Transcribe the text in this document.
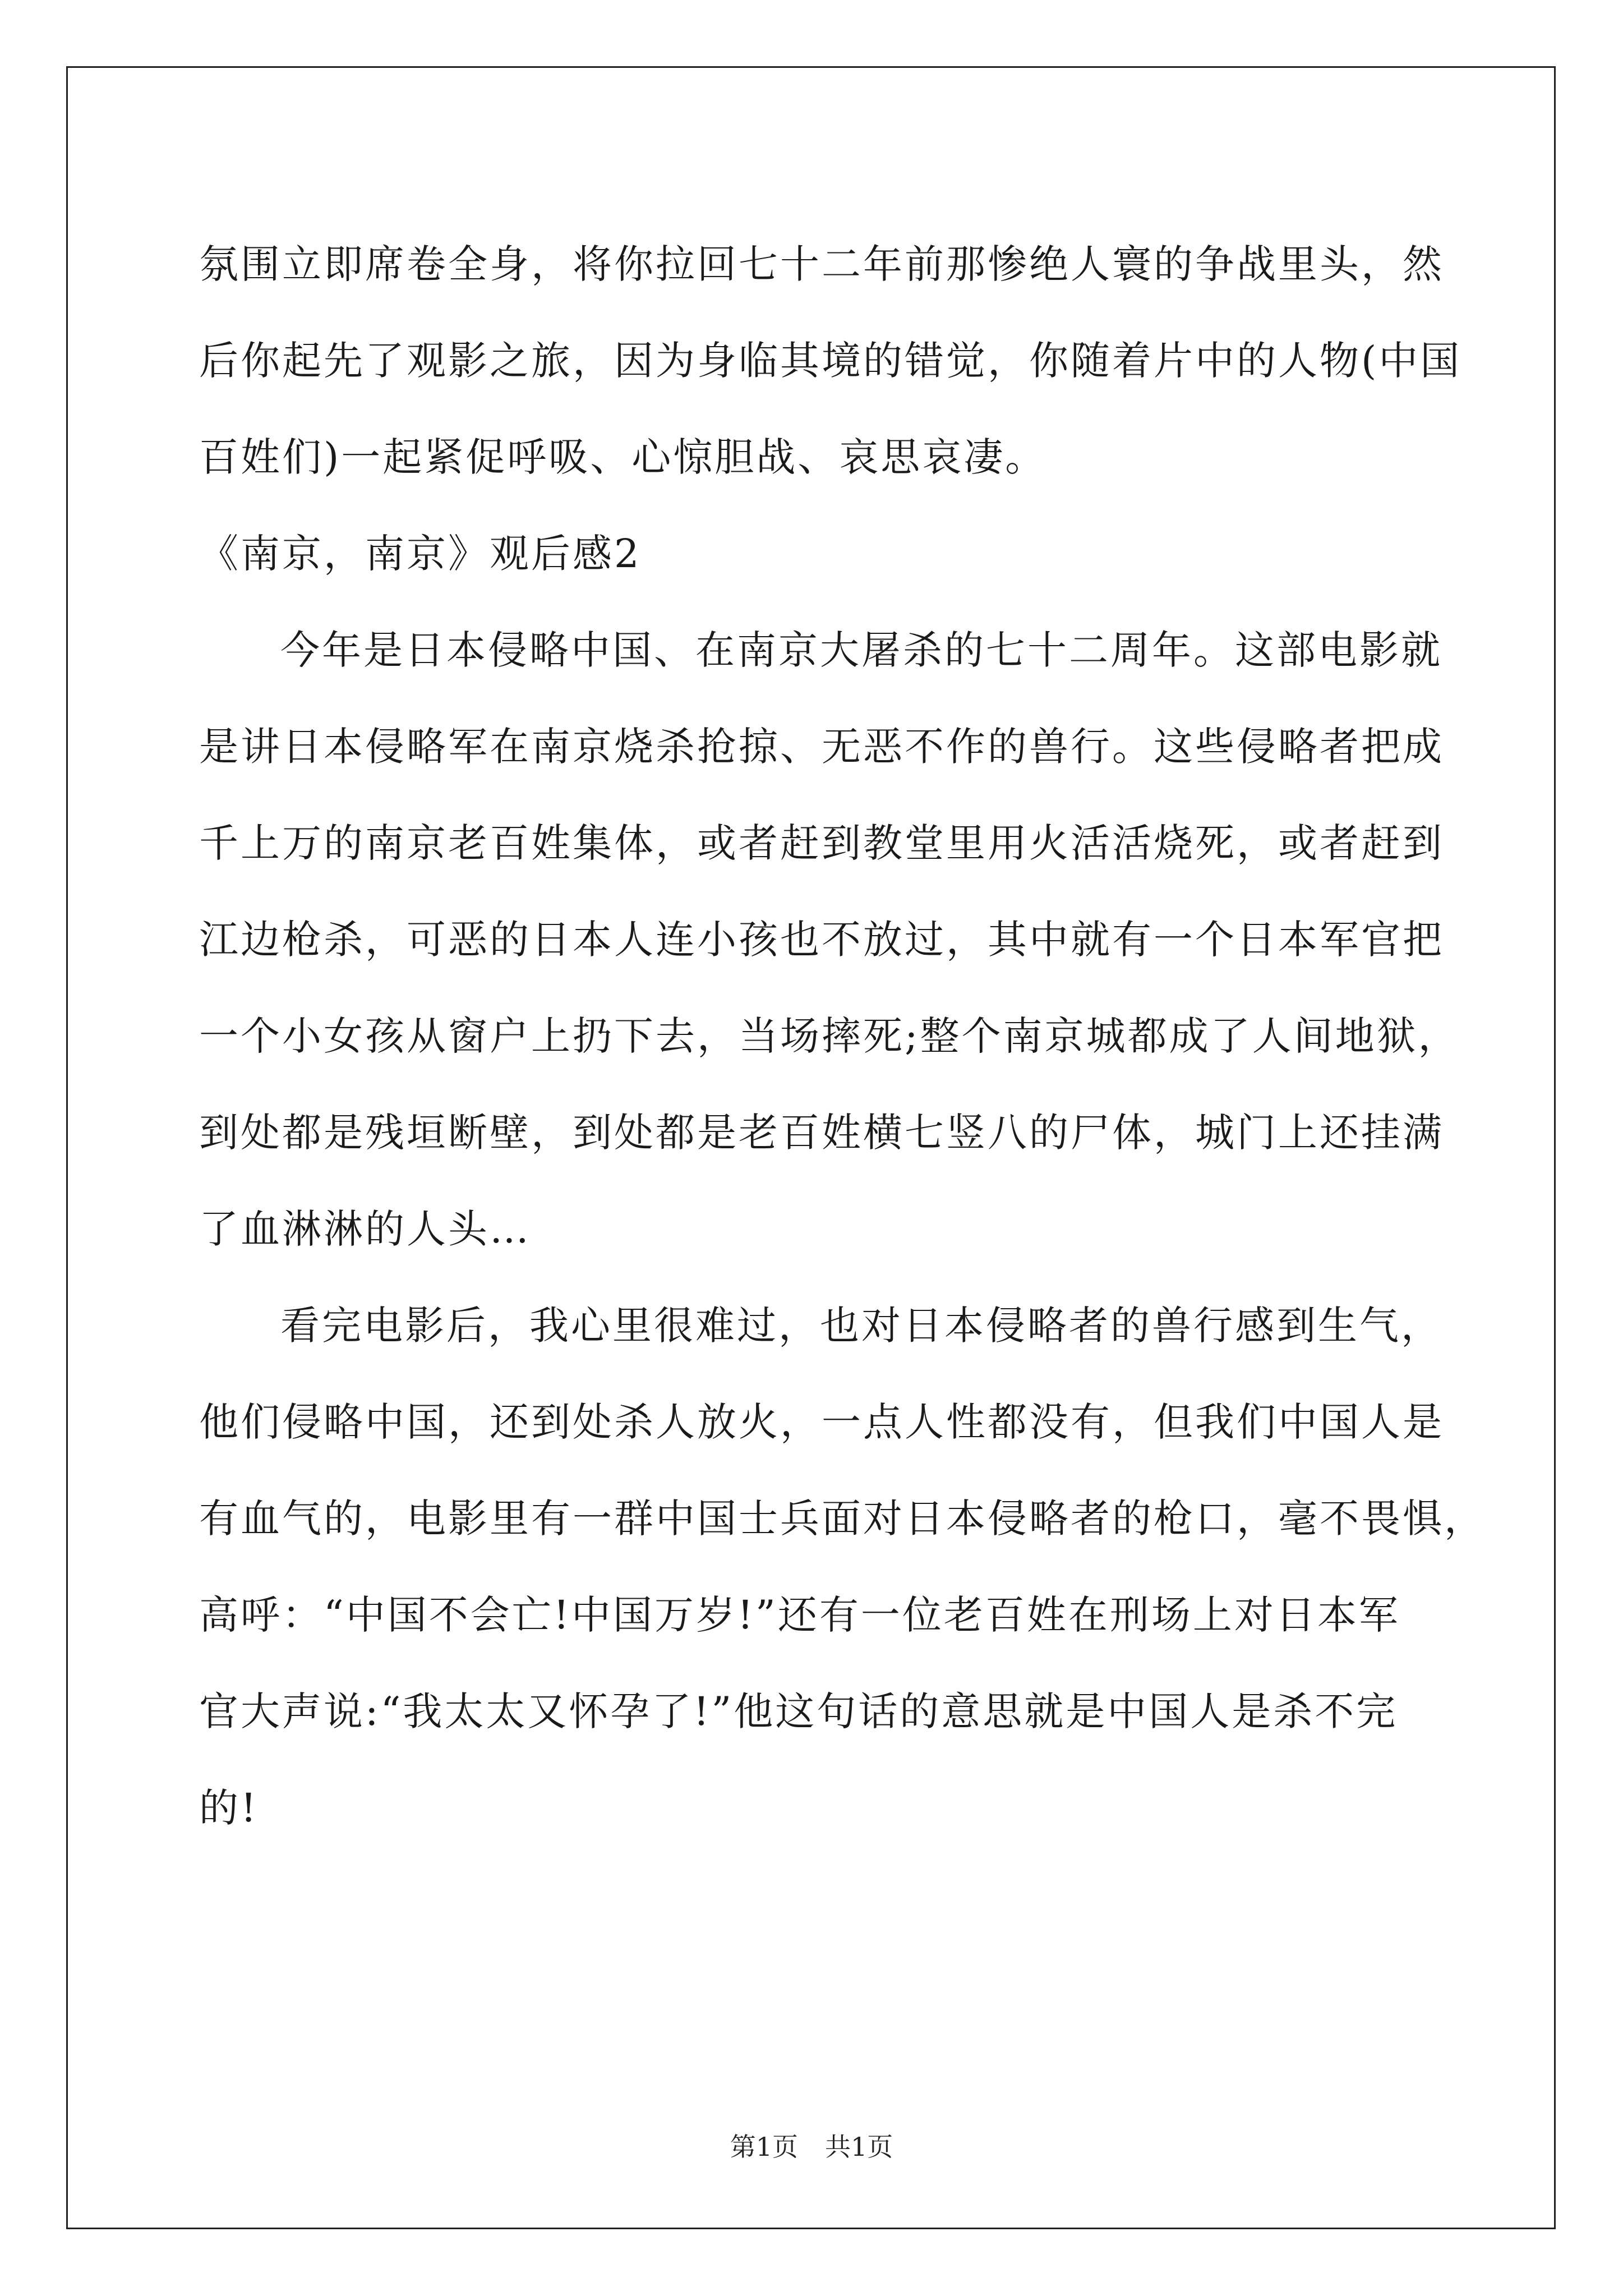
氛围立即席卷全身，将你拉回七十二年前那惨绝人寰的争战里头，然
后你起先了观影之旅，因为身临其境的错觉，你随着片中的人物(中国
百姓们)一起紧促呼吸、心惊胆战、哀思哀凄。
《南京，南京》观后感2
今年是日本侵略中国、在南京大屠杀的七十二周年。这部电影就
是讲日本侵略军在南京烧杀抢掠、无恶不作的兽行。这些侵略者把成
千上万的南京老百姓集体，或者赶到教堂里用火活活烧死，或者赶到
江边枪杀，可恶的日本人连小孩也不放过，其中就有一个日本军官把
一个小女孩从窗户上扔下去，当场摔死;整个南京城都成了人间地狱，
到处都是残垣断壁，到处都是老百姓横七竖八的尸体，城门上还挂满
了血淋淋的人头…
看完电影后，我心里很难过，也对日本侵略者的兽行感到生气，
他们侵略中国，还到处杀人放火，一点人性都没有，但我们中国人是
有血气的，电影里有一群中国士兵面对日本侵略者的枪口，毫不畏惧，
高呼：“中国不会亡!中国万岁!”还有一位老百姓在刑场上对日本军
官大声说:“我太太又怀孕了!”他这句话的意思就是中国人是杀不完
的!
第1页 共1页
